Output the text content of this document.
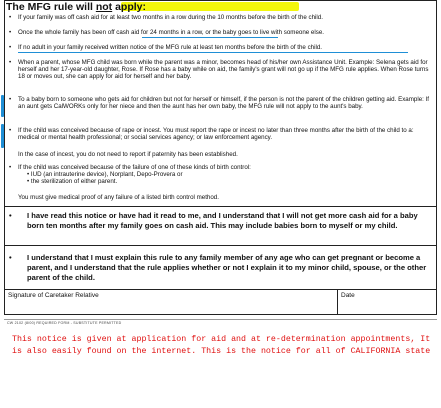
The MFG rule will not apply:
• If your family was off cash aid for at least two months in a row during the 10 months before the birth of the child.
• Once the whole family has been off cash aid for 24 months in a row, or the baby goes to live with someone else.
• If no adult in your family received written notice of the MFG rule at least ten months before the birth of the child.
• When a parent, whose MFG child was born while the parent was a minor, becomes head of his/her own Assistance Unit. Example: Selena gets aid for herself and her 17-year-old daughter, Rose. If Rose has a baby while on aid, the family's grant will not go up if the MFG rule applies. When Rose turns 18 or moves out, she can apply for aid for herself and her baby.
• To a baby born to someone who gets aid for children but not for herself or himself, if the person is not the parent of the children getting aid. Example: If an aunt gets CalWORKs only for her niece and then the aunt has her own baby, the MFG rule will not apply to the aunt's baby.
• If the child was conceived because of rape or incest. You must report the rape or incest no later than three months after the birth of the child to a: medical or mental health professional; or social services agency; or law enforcement agency.
In the case of incest, you do not need to report if paternity has been established.
• If the child was conceived because of the failure of one of these kinds of birth control:
• IUD (an intrauterine device), Norplant, Depo-Provera or
• the sterilization of either parent.
You must give medical proof of any failure of a listed birth control method.
• I have read this notice or have had it read to me, and I understand that I will not get more cash aid for a baby born ten months after my family goes on cash aid. This may include babies born to myself or my child.
• I understand that I must explain this rule to any family member of any age who can get pregnant or become a parent, and I understand that the rule applies whether or not I explain it to my minor child, spouse, or the other parent of the child.
Signature of Caretaker Relative	Date
CW 2102 (8/00) REQUIRED FORM - SUBSTITUTE PERMITTED
This notice is given at application for aid and at re-determination appointments, It is also easily found on the internet. This is the notice for all of CALIFORNIA state
